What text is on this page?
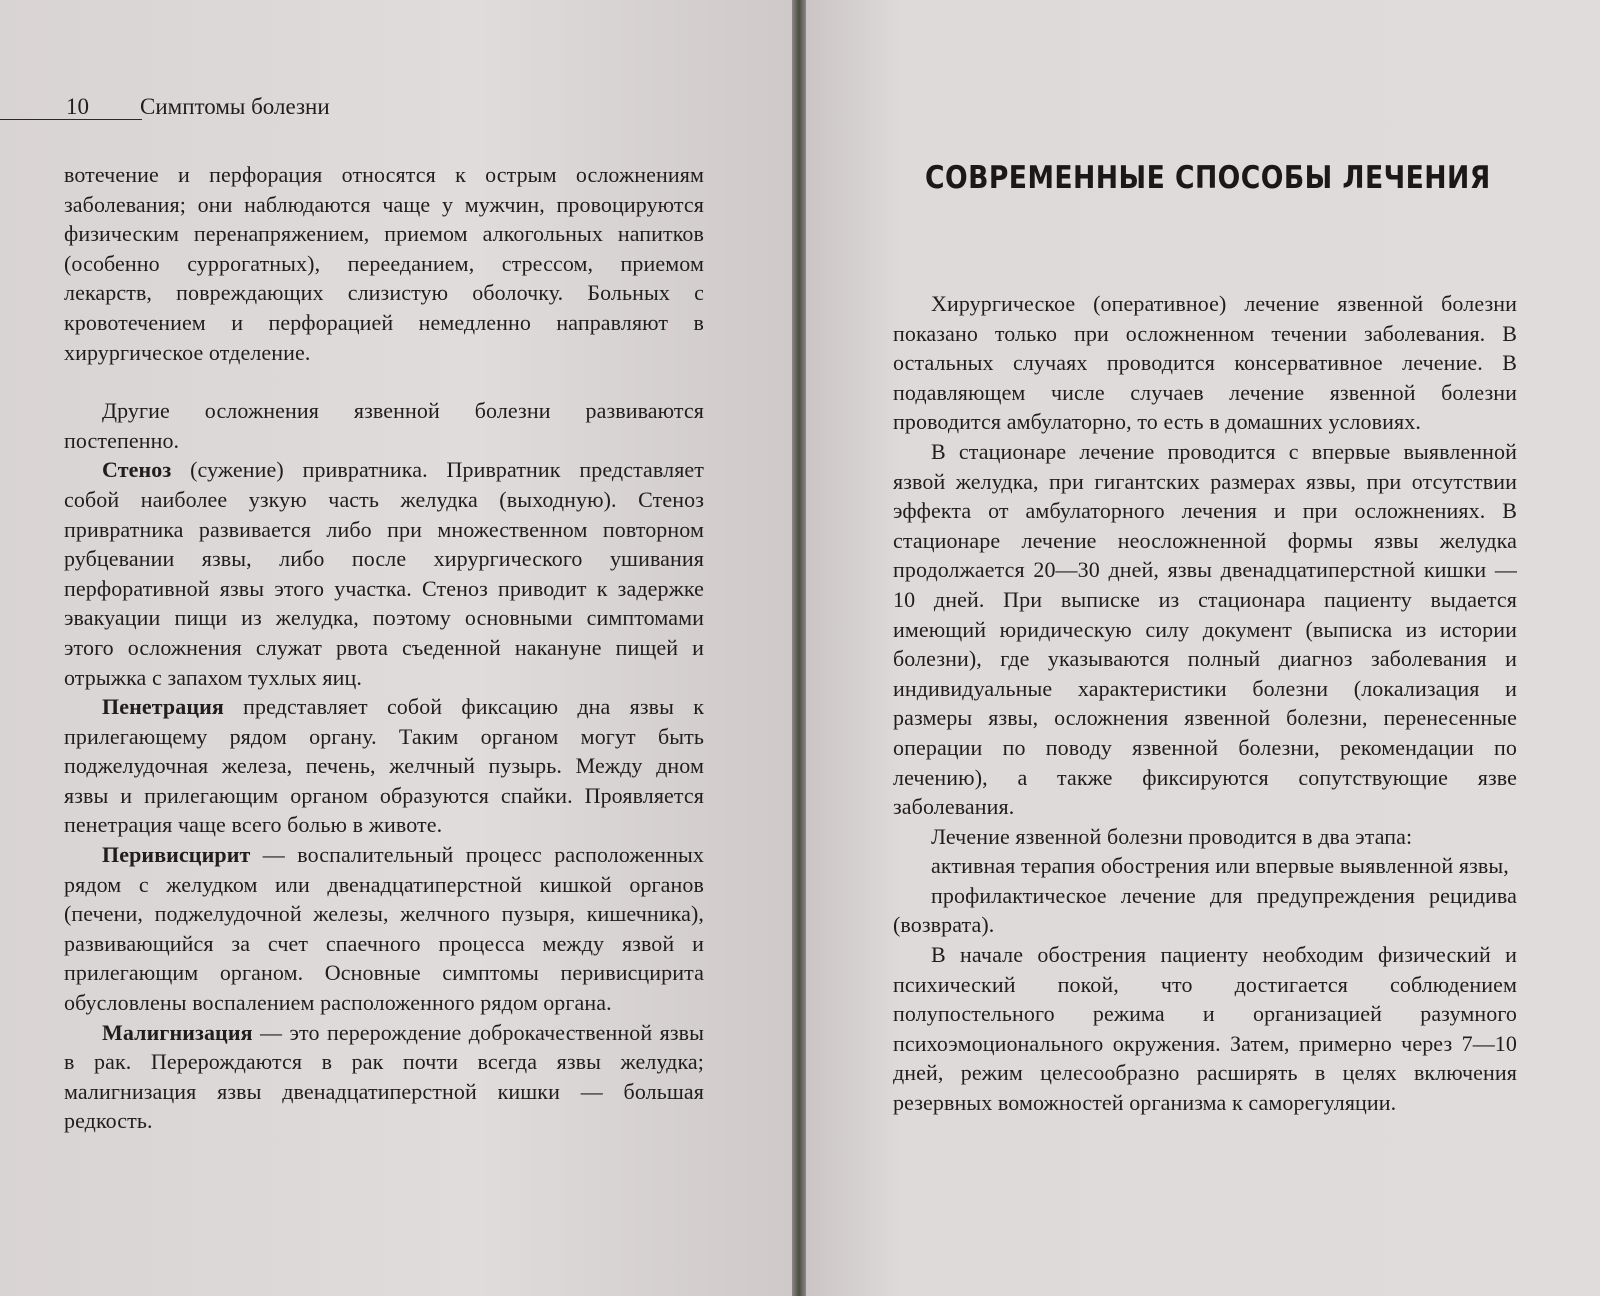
10 Симптомы болезни

вотечение и перфорация относятся к острым осложнениям заболевания; они наблюдаются чаще у мужчин, провоцируются физическим перенапряжением, приемом алкогольных напитков (особенно суррогатных), перееданием, стрессом, приемом лекарств, повреждающих слизистую оболочку. Больных с кровотечением и перфорацией немедленно направляют в хирургическое отделение.

Другие осложнения язвенной болезни развиваются постепенно.

Стеноз (сужение) привратника. Привратник представляет собой наиболее узкую часть желудка (выходную). Стеноз привратника развивается либо при множественном повторном рубцевании язвы, либо после хирургического ушивания перфоративной язвы этого участка. Стеноз приводит к задержке эвакуации пищи из желудка, поэтому основными симптомами этого осложнения служат рвота съеденной накануне пищей и отрыжка с запахом тухлых яиц.

Пенетрация представляет собой фиксацию дна язвы к прилегающему рядом органу. Таким органом могут быть поджелудочная железа, печень, желчный пузырь. Между дном язвы и прилегающим органом образуются спайки. Проявляется пенетрация чаще всего болью в животе.

Перивисцирит — воспалительный процесс расположенных рядом с желудком или двенадцатиперстной кишкой органов (печени, поджелудочной железы, желчного пузыря, кишечника), развивающийся за счет спаечного процесса между язвой и прилегающим органом. Основные симптомы перивисцирита обусловлены воспалением расположенного рядом органа.

Малигнизация — это перерождение доброкачественной язвы в рак. Перерождаются в рак почти всегда язвы желудка; малигнизация язвы двенадцатиперстной кишки — большая редкость.

СОВРЕМЕННЫЕ СПОСОБЫ ЛЕЧЕНИЯ

Хирургическое (оперативное) лечение язвенной болезни показано только при осложненном течении заболевания. В остальных случаях проводится консервативное лечение. В подавляющем числе случаев лечение язвенной болезни проводится амбулаторно, то есть в домашних условиях.

В стационаре лечение проводится с впервые выявленной язвой желудка, при гигантских размерах язвы, при отсутствии эффекта от амбулаторного лечения и при осложнениях. В стационаре лечение неосложненной формы язвы желудка продолжается 20—30 дней, язвы двенадцатиперстной кишки — 10 дней. При выписке из стационара пациенту выдается имеющий юридическую силу документ (выписка из истории болезни), где указываются полный диагноз заболевания и индивидуальные характеристики болезни (локализация и размеры язвы, осложнения язвенной болезни, перенесенные операции по поводу язвенной болезни, рекомендации по лечению), а также фиксируются сопутствующие язве заболевания.

Лечение язвенной болезни проводится в два этапа:

активная терапия обострения или впервые выявленной язвы,

профилактическое лечение для предупреждения рецидива (возврата).

В начале обострения пациенту необходим физический и психический покой, что достигается соблюдением полупостельного режима и организацией разумного психоэмоционального окружения. Затем, примерно через 7—10 дней, режим целесообразно расширять в целях включения резервных воможностей организма к саморегуляции.
